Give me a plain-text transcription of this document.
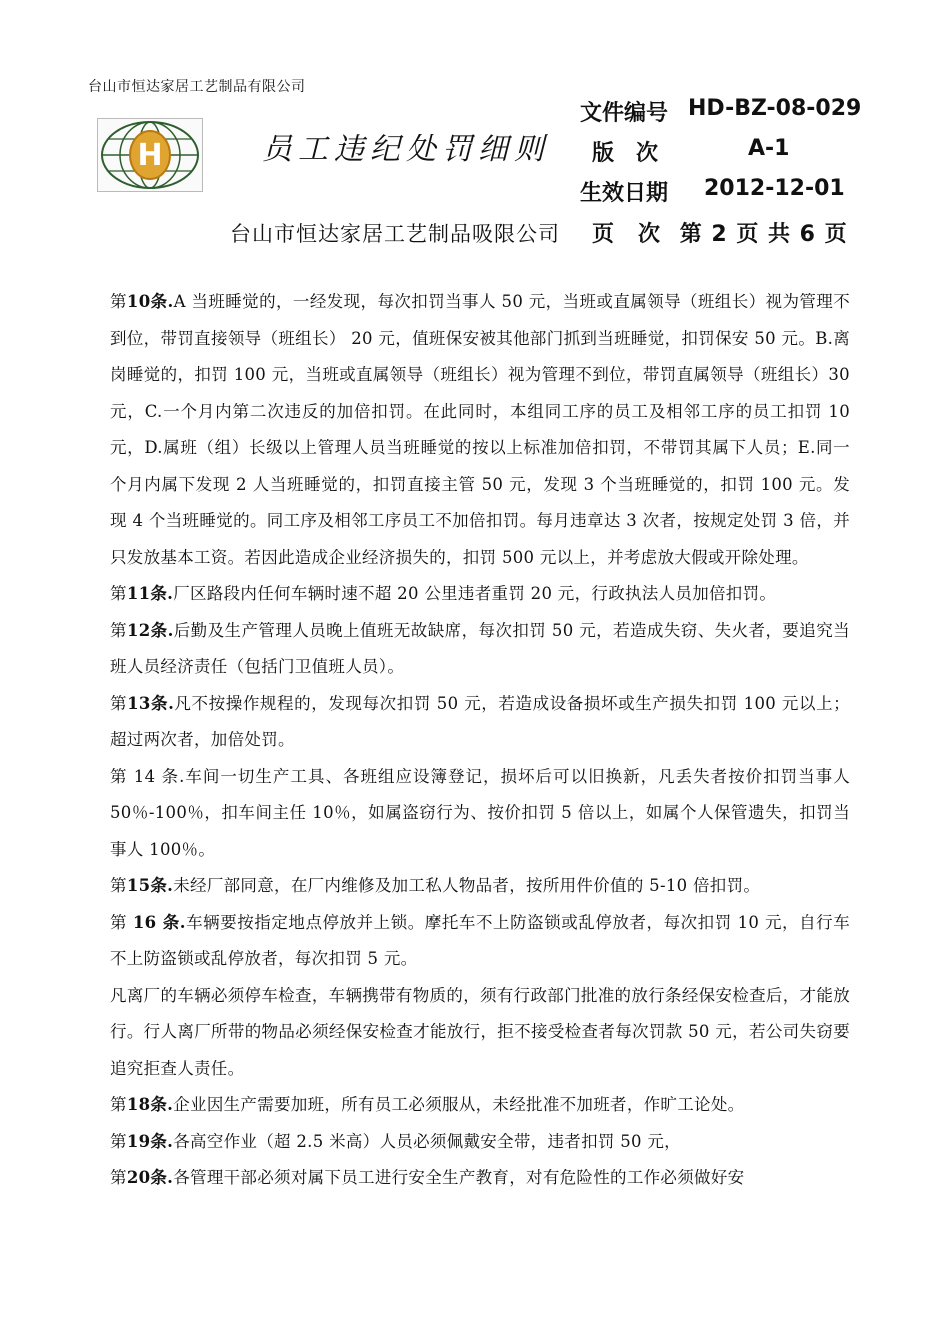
台山市恒达家居工艺制品有限公司
H	员工违纪处罚细则
文件编号 HD-BZ-08-029
版　次	A-1
生效日期 2012-12-01
台山市恒达家居工艺制品吸限公司 页　次 第 2 页 共 6 页

第10条.A 当班睡觉的，一经发现，每次扣罚当事人 50 元，当班或直属领导（班组长）视为管理不到位，带罚直接领导（班组长） 20 元，值班保安被其他部门抓到当班睡觉，扣罚保安 50 元。B.离岗睡觉的，扣罚 100 元，当班或直属领导（班组长）视为管理不到位，带罚直属领导（班组长）30 元，C.一个月内第二次违反的加倍扣罚。在此同时，本组同工序的员工及相邻工序的员工扣罚 10 元，D.属班（组）长级以上管理人员当班睡觉的按以上标准加倍扣罚，不带罚其属下人员；E.同一个月内属下发现 2 人当班睡觉的，扣罚直接主管 50 元，发现 3 个当班睡觉的，扣罚 100 元。发现 4 个当班睡觉的。同工序及相邻工序员工不加倍扣罚。每月违章达 3 次者，按规定处罚 3 倍，并只发放基本工资。若因此造成企业经济损失的，扣罚 500 元以上，并考虑放大假或开除处理。

第11条.厂区路段内任何车辆时速不超 20 公里违者重罚 20 元，行政执法人员加倍扣罚。

第12条.后勤及生产管理人员晚上值班无故缺席，每次扣罚 50 元，若造成失窃、失火者，要追究当班人员经济责任（包括门卫值班人员）。

第13条.凡不按操作规程的，发现每次扣罚 50 元，若造成设备损坏或生产损失扣罚 100 元以上；超过两次者，加倍处罚。

第 14 条.车间一切生产工具、各班组应设簿登记，损坏后可以旧换新，凡丢失者按价扣罚当事人 50％-100％，扣车间主任 10％，如属盗窃行为、按价扣罚 5 倍以上，如属个人保管遗失，扣罚当事人 100％。

第15条.未经厂部同意，在厂内维修及加工私人物品者，按所用件价值的 5-10 倍扣罚。

第 16 条.车辆要按指定地点停放并上锁。摩托车不上防盗锁或乱停放者，每次扣罚 10 元，自行车不上防盗锁或乱停放者，每次扣罚 5 元。

凡离厂的车辆必须停车检查，车辆携带有物质的，须有行政部门批准的放行条经保安检查后，才能放行。行人离厂所带的物品必须经保安检查才能放行，拒不接受检查者每次罚款 50 元，若公司失窃要追究拒查人责任。

第18条.企业因生产需要加班，所有员工必须服从，未经批准不加班者，作旷工论处。

第19条.各高空作业（超 2.5 米高）人员必须佩戴安全带，违者扣罚 50 元，

第20条.各管理干部必须对属下员工进行安全生产教育，对有危险性的工作必须做好安
